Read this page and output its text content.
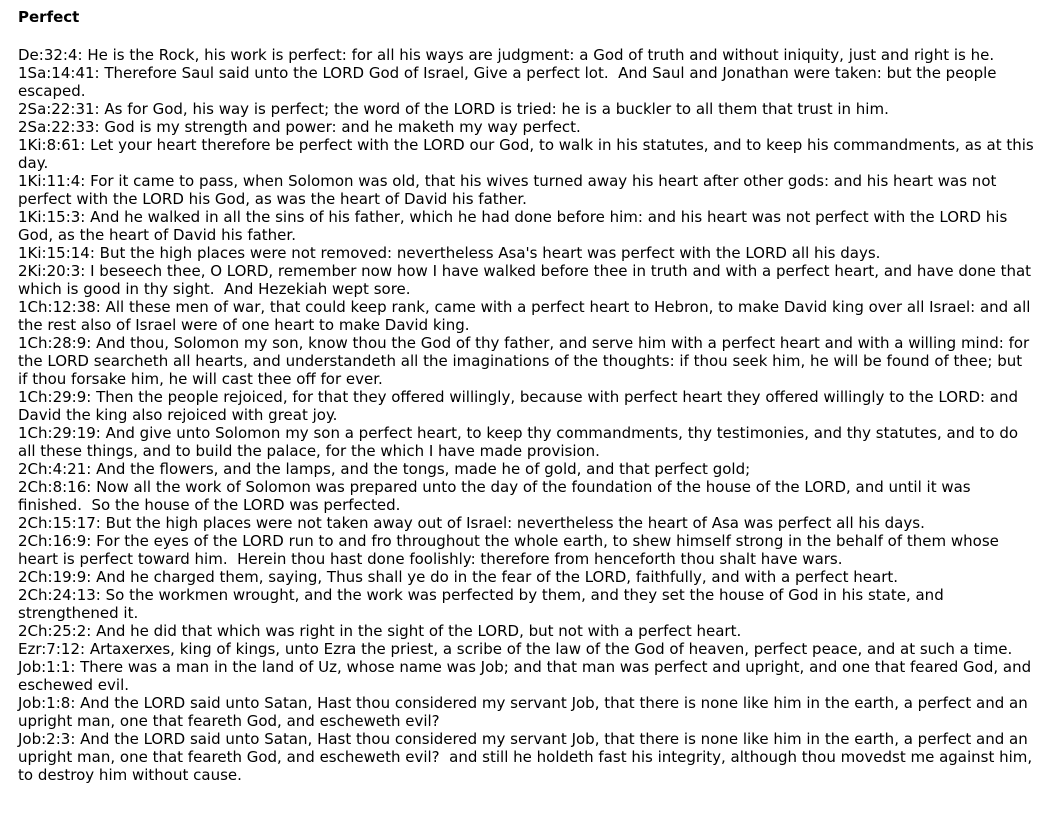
Perfect
De:32:4: He is the Rock, his work is perfect: for all his ways are judgment: a God of truth and without iniquity, just and right is he.
1Sa:14:41: Therefore Saul said unto the LORD God of Israel, Give a perfect lot.  And Saul and Jonathan were taken: but the people escaped.
2Sa:22:31: As for God, his way is perfect; the word of the LORD is tried: he is a buckler to all them that trust in him.
2Sa:22:33: God is my strength and power: and he maketh my way perfect.
1Ki:8:61: Let your heart therefore be perfect with the LORD our God, to walk in his statutes, and to keep his commandments, as at this day.
1Ki:11:4: For it came to pass, when Solomon was old, that his wives turned away his heart after other gods: and his heart was not perfect with the LORD his God, as was the heart of David his father.
1Ki:15:3: And he walked in all the sins of his father, which he had done before him: and his heart was not perfect with the LORD his God, as the heart of David his father.
1Ki:15:14: But the high places were not removed: nevertheless Asa's heart was perfect with the LORD all his days.
2Ki:20:3: I beseech thee, O LORD, remember now how I have walked before thee in truth and with a perfect heart, and have done that which is good in thy sight.  And Hezekiah wept sore.
1Ch:12:38: All these men of war, that could keep rank, came with a perfect heart to Hebron, to make David king over all Israel: and all the rest also of Israel were of one heart to make David king.
1Ch:28:9: And thou, Solomon my son, know thou the God of thy father, and serve him with a perfect heart and with a willing mind: for the LORD searcheth all hearts, and understandeth all the imaginations of the thoughts: if thou seek him, he will be found of thee; but if thou forsake him, he will cast thee off for ever.
1Ch:29:9: Then the people rejoiced, for that they offered willingly, because with perfect heart they offered willingly to the LORD: and David the king also rejoiced with great joy.
1Ch:29:19: And give unto Solomon my son a perfect heart, to keep thy commandments, thy testimonies, and thy statutes, and to do all these things, and to build the palace, for the which I have made provision.
2Ch:4:21: And the flowers, and the lamps, and the tongs, made he of gold, and that perfect gold;
2Ch:8:16: Now all the work of Solomon was prepared unto the day of the foundation of the house of the LORD, and until it was finished.  So the house of the LORD was perfected.
2Ch:15:17: But the high places were not taken away out of Israel: nevertheless the heart of Asa was perfect all his days.
2Ch:16:9: For the eyes of the LORD run to and fro throughout the whole earth, to shew himself strong in the behalf of them whose heart is perfect toward him.  Herein thou hast done foolishly: therefore from henceforth thou shalt have wars.
2Ch:19:9: And he charged them, saying, Thus shall ye do in the fear of the LORD, faithfully, and with a perfect heart.
2Ch:24:13: So the workmen wrought, and the work was perfected by them, and they set the house of God in his state, and strengthened it.
2Ch:25:2: And he did that which was right in the sight of the LORD, but not with a perfect heart.
Ezr:7:12: Artaxerxes, king of kings, unto Ezra the priest, a scribe of the law of the God of heaven, perfect peace, and at such a time.
Job:1:1: There was a man in the land of Uz, whose name was Job; and that man was perfect and upright, and one that feared God, and eschewed evil.
Job:1:8: And the LORD said unto Satan, Hast thou considered my servant Job, that there is none like him in the earth, a perfect and an upright man, one that feareth God, and escheweth evil?
Job:2:3: And the LORD said unto Satan, Hast thou considered my servant Job, that there is none like him in the earth, a perfect and an upright man, one that feareth God, and escheweth evil?  and still he holdeth fast his integrity, although thou movedst me against him, to destroy him without cause.
